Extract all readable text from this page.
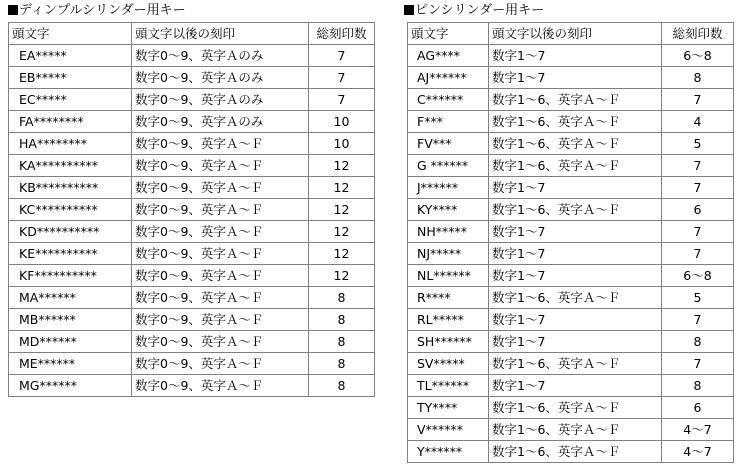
ディンプルシリンダー用キー	ピンシリンダー用キー
頭文字	頭文字以後の刻印	総刻印数
EA*****	数字0～9、英字Ａのみ	7
EB*****	数字0～9、英字Ａのみ	7
EC*****	数字0～9、英字Ａのみ	7
FA********	数字0～9、英字Ａのみ	10
HA********	数字0～9、英字Ａ～Ｆ	10
KA**********	数字0～9、英字Ａ～Ｆ	12
KB**********	数字0～9、英字Ａ～Ｆ	12
KC**********	数字0～9、英字Ａ～Ｆ	12
KD**********	数字0～9、英字Ａ～Ｆ	12
KE**********	数字0～9、英字Ａ～Ｆ	12
KF**********	数字0～9、英字Ａ～Ｆ	12
MA******	数字0～9、英字Ａ～Ｆ	8
MB******	数字0～9、英字Ａ～Ｆ	8
MD******	数字0～9、英字Ａ～Ｆ	8
ME******	数字0～9、英字Ａ～Ｆ	8
MG******	数字0～9、英字Ａ～Ｆ	8
頭文字	頭文字以後の刻印	総刻印数
AG****	数字1～7	6～8
AJ******	数字1～7	8
C******	数字1～6、英字Ａ～Ｆ	7
F***	数字1～6、英字Ａ～Ｆ	4
FV***	数字1～6、英字Ａ～Ｆ	5
G ******	数字1～6、英字Ａ～Ｆ	7
J******	数字1～7	7
KY****	数字1～6、英字Ａ～Ｆ	6
NH*****	数字1～7	7
NJ*****	数字1～7	7
NL******	数字1～7	6～8
R****	数字1～6、英字Ａ～Ｆ	5
RL*****	数字1～7	7
SH******	数字1～7	8
SV*****	数字1～6、英字Ａ～Ｆ	7
TL******	数字1～7	8
TY****	数字1～6、英字Ａ～Ｆ	6
V******	数字1～6、英字Ａ～Ｆ	4～7
Y******	数字1～6、英字Ａ～Ｆ	4～7
